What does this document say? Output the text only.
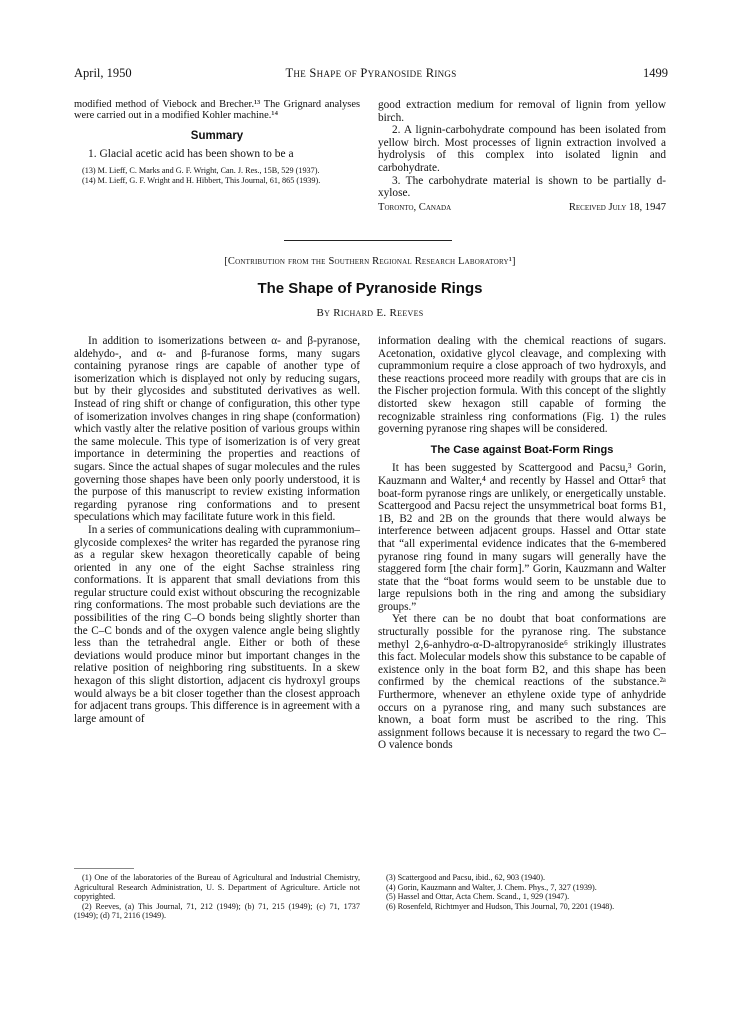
April, 1950	The Shape of Pyranoside Rings	1499

modified method of Viebock and Brecher.¹³ The Grignard analyses were carried out in a modified Kohler machine.¹⁴

Summary

1. Glacial acetic acid has been shown to be a

(13) M. Lieff, C. Marks and G. F. Wright, Can. J. Res., 15B, 529 (1937).

(14) M. Lieff, G. F. Wright and H. Hibbert, This Journal, 61, 865 (1939).

good extraction medium for removal of lignin from yellow birch.

2. A lignin-carbohydrate compound has been isolated from yellow birch. Most processes of lignin extraction involved a hydrolysis of this complex into isolated lignin and carbohydrate.

3. The carbohydrate material is shown to be partially d-xylose.

Toronto, Canada	Received July 18, 1947
[Contribution from the Southern Regional Research Laboratory¹]
The Shape of Pyranoside Rings
By Richard E. Reeves

In addition to isomerizations between α- and β-pyranose, aldehydo-, and α- and β-furanose forms, many sugars containing pyranose rings are capable of another type of isomerization which is displayed not only by reducing sugars, but by their glycosides and substituted derivatives as well. Instead of ring shift or change of configuration, this other type of isomerization involves changes in ring shape (conformation) which vastly alter the relative position of various groups within the same molecule. This type of isomerization is of very great importance in determining the properties and reactions of sugars. Since the actual shapes of sugar molecules and the rules governing those shapes have been only poorly understood, it is the purpose of this manuscript to review existing information regarding pyranose ring conformations and to present speculations which may facilitate future work in this field.

In a series of communications dealing with cuprammonium–glycoside complexes² the writer has regarded the pyranose ring as a regular skew hexagon theoretically capable of being oriented in any one of the eight Sachse strainless ring conformations. It is apparent that small deviations from this regular structure could exist without obscuring the recognizable ring conformations. The most probable such deviations are the possibilities of the ring C–O bonds being slightly shorter than the C–C bonds and of the oxygen valence angle being slightly less than the tetrahedral angle. Either or both of these deviations would produce minor but important changes in the relative position of neighboring ring substituents. In a skew hexagon of this slight distortion, adjacent cis hydroxyl groups would always be a bit closer together than the closest approach for adjacent trans groups. This difference is in agreement with a large amount of

information dealing with the chemical reactions of sugars. Acetonation, oxidative glycol cleavage, and complexing with cuprammonium require a close approach of two hydroxyls, and these reactions proceed more readily with groups that are cis in the Fischer projection formula. With this concept of the slightly distorted skew hexagon still capable of forming the recognizable strainless ring conformations (Fig. 1) the rules governing pyranose ring shapes will be considered.

The Case against Boat-Form Rings

It has been suggested by Scattergood and Pacsu,³ Gorin, Kauzmann and Walter,⁴ and recently by Hassel and Ottar⁵ that boat-form pyranose rings are unlikely, or energetically unstable. Scattergood and Pacsu reject the unsymmetrical boat forms B1, 1B, B2 and 2B on the grounds that there would always be interference between adjacent groups. Hassel and Ottar state that “all experimental evidence indicates that the 6-membered pyranose ring found in many sugars will generally have the staggered form [the chair form].” Gorin, Kauzmann and Walter state that the “boat forms would seem to be unstable due to large repulsions both in the ring and among the subsidiary groups.”

Yet there can be no doubt that boat conformations are structurally possible for the pyranose ring. The substance methyl 2,6-anhydro-α-D-altropyranoside⁶ strikingly illustrates this fact. Molecular models show this substance to be capable of existence only in the boat form B2, and this shape has been confirmed by the chemical reactions of the substance.²ᵃ Furthermore, whenever an ethylene oxide type of anhydride occurs on a pyranose ring, and many such substances are known, a boat form must be ascribed to the ring. This assignment follows because it is necessary to regard the two C–O valence bonds

(1) One of the laboratories of the Bureau of Agricultural and Industrial Chemistry, Agricultural Research Administration, U. S. Department of Agriculture. Article not copyrighted.

(2) Reeves, (a) This Journal, 71, 212 (1949); (b) 71, 215 (1949); (c) 71, 1737 (1949); (d) 71, 2116 (1949).

(3) Scattergood and Pacsu, ibid., 62, 903 (1940).

(4) Gorin, Kauzmann and Walter, J. Chem. Phys., 7, 327 (1939).

(5) Hassel and Ottar, Acta Chem. Scand., 1, 929 (1947).

(6) Rosenfeld, Richtmyer and Hudson, This Journal, 70, 2201 (1948).
